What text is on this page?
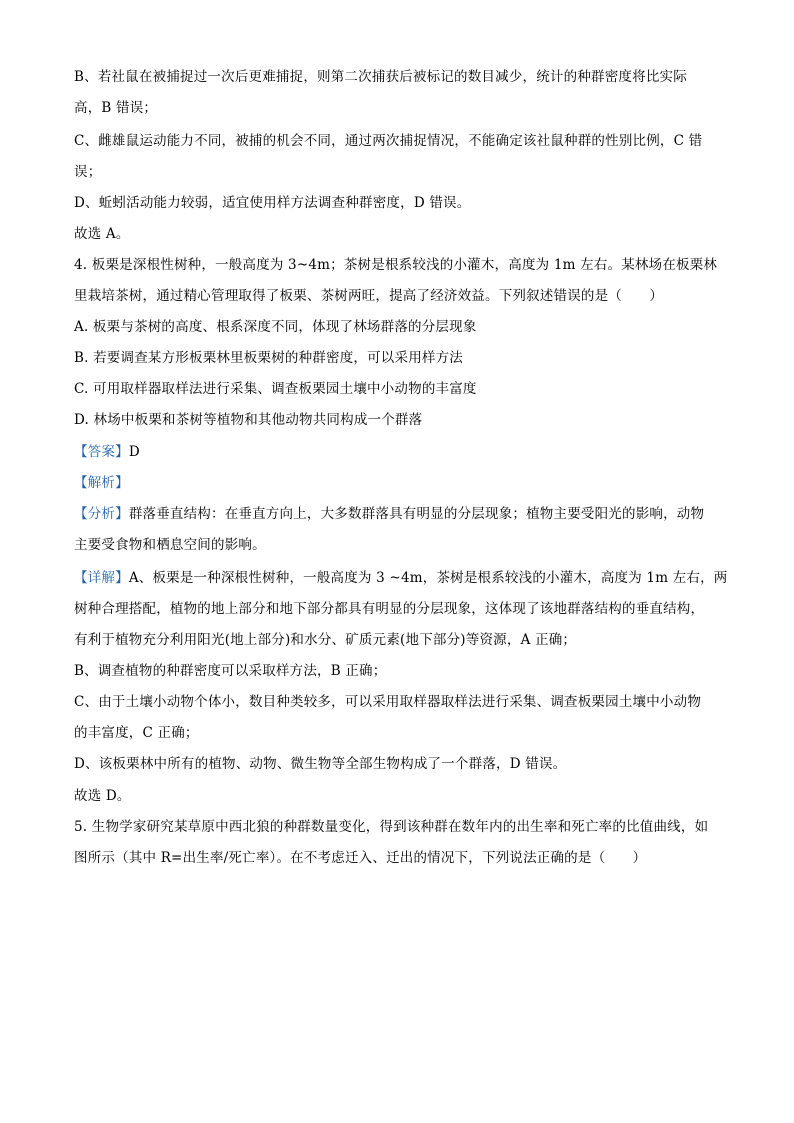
B、若社鼠在被捕捉过一次后更难捕捉，则第二次捕获后被标记的数目减少，统计的种群密度将比实际
高，B 错误；
C、雌雄鼠运动能力不同，被捕的机会不同，通过两次捕捉情况，不能确定该社鼠种群的性别比例，C 错
误；
D、蚯蚓活动能力较弱，适宜使用样方法调查种群密度，D 错误。
故选 A。
4. 板栗是深根性树种，一般高度为 3~4m；茶树是根系较浅的小灌木，高度为 1m 左右。某林场在板栗林
里栽培茶树，通过精心管理取得了板栗、茶树两旺，提高了经济效益。下列叙述错误的是（　　）
A. 板栗与茶树的高度、根系深度不同，体现了林场群落的分层现象
B. 若要调查某方形板栗林里板栗树的种群密度，可以采用样方法
C. 可用取样器取样法进行采集、调查板栗园土壤中小动物的丰富度
D. 林场中板栗和茶树等植物和其他动物共同构成一个群落
【答案】D
【解析】
【分析】群落垂直结构：在垂直方向上，大多数群落具有明显的分层现象；植物主要受阳光的影响，动物
主要受食物和栖息空间的影响。
【详解】A、板栗是一种深根性树种，一般高度为 3 ~4m，茶树是根系较浅的小灌木，高度为 1m 左右，两
树种合理搭配，植物的地上部分和地下部分都具有明显的分层现象，这体现了该地群落结构的垂直结构，
有利于植物充分利用阳光(地上部分)和水分、矿质元素(地下部分)等资源，A 正确；
B、调查植物的种群密度可以采取样方法，B 正确；
C、由于土壤小动物个体小，数目种类较多，可以采用取样器取样法进行采集、调查板栗园土壤中小动物
的丰富度，C 正确；
D、该板栗林中所有的植物、动物、微生物等全部生物构成了一个群落，D 错误。
故选 D。
5. 生物学家研究某草原中西北狼的种群数量变化，得到该种群在数年内的出生率和死亡率的比值曲线，如
图所示（其中 R=出生率/死亡率）。在不考虑迁入、迁出的情况下，下列说法正确的是（　　）
